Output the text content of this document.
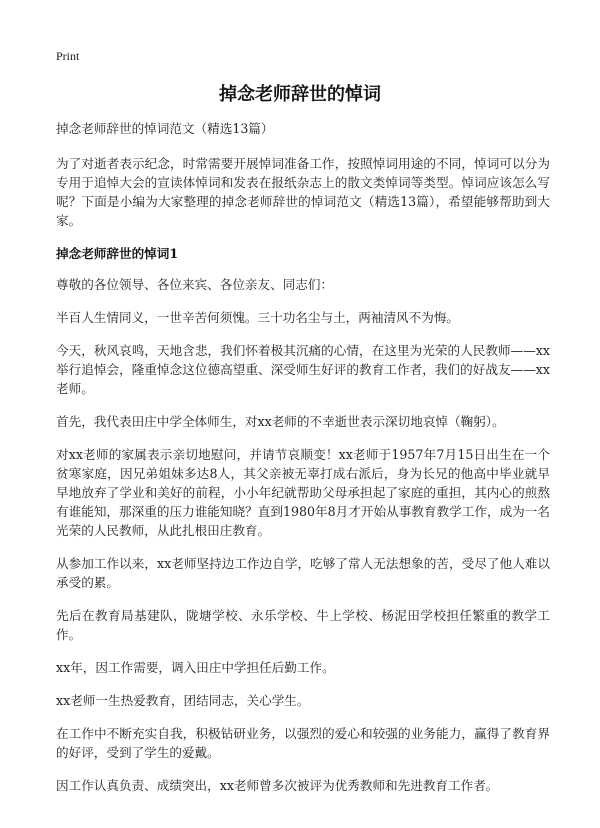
Print
掉念老师辞世的悼词

掉念老师辞世的悼词范文（精选13篇）

为了对逝者表示纪念，时常需要开展悼词准备工作，按照悼词用途的不同，悼词可以分为专用于追悼大会的宣读体悼词和发表在报纸杂志上的散文类悼词等类型。悼词应该怎么写呢？下面是小编为大家整理的掉念老师辞世的悼词范文（精选13篇），希望能够帮助到大家。

掉念老师辞世的悼词1

尊敬的各位领导、各位来宾、各位亲友、同志们：

半百人生情同义，一世辛苦何须愧。三十功名尘与土，两袖清风不为悔。

今天，秋风哀鸣，天地含悲，我们怀着极其沉痛的心情，在这里为光荣的人民教师——xx举行追悼会，隆重悼念这位德高望重、深受师生好评的教育工作者，我们的好战友——xx老师。

首先，我代表田庄中学全体师生，对xx老师的不幸逝世表示深切地哀悼（鞠躬）。

对xx老师的家属表示亲切地慰问，并请节哀顺变！xx老师于1957年7月15日出生在一个贫寒家庭，因兄弟姐妹多达8人，其父亲被无辜打成右派后，身为长兄的他高中毕业就早早地放弃了学业和美好的前程，小小年纪就帮助父母承担起了家庭的重担，其内心的煎熬有谁能知，那深重的压力谁能知晓？直到1980年8月才开始从事教育教学工作，成为一名光荣的人民教师，从此扎根田庄教育。

从参加工作以来，xx老师坚持边工作边自学，吃够了常人无法想象的苦，受尽了他人难以承受的累。

先后在教育局基建队，陇塘学校、永乐学校、牛上学校、杨泥田学校担任繁重的教学工作。

xx年，因工作需要，调入田庄中学担任后勤工作。

xx老师一生热爱教育，团结同志，关心学生。

在工作中不断充实自我，积极钻研业务，以强烈的爱心和较强的业务能力，赢得了教育界的好评，受到了学生的爱戴。

因工作认真负责、成绩突出，xx老师曾多次被评为优秀教师和先进教育工作者。
